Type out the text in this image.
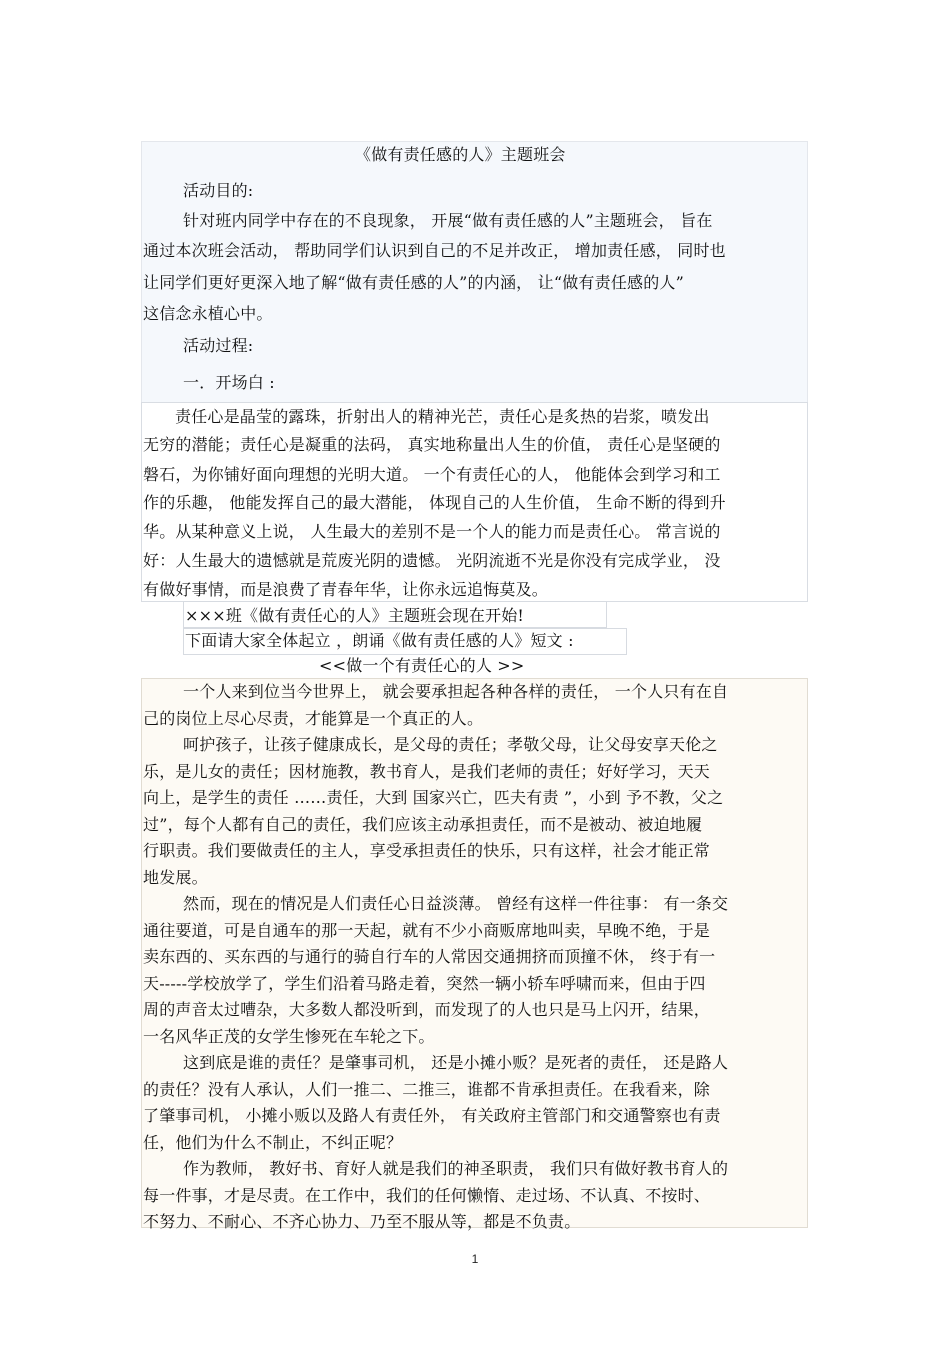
《做有责任感的人》主题班会
活动目的:
针对班内同学中存在的不良现象， 开展“做有责任感的人”主题班会， 旨在
通过本次班会活动， 帮助同学们认识到自己的不足并改正， 增加责任感， 同时也
让同学们更好更深入地了解“做有责任感的人”的内涵， 让“做有责任感的人”
这信念永植心中。
活动过程:
一．开场白 :
责任心是晶莹的露珠，折射出人的精神光芒，责任心是炙热的岩浆，喷发出
无穷的潜能；责任心是凝重的法码， 真实地称量出人生的价值， 责任心是坚硬的
磐石，为你铺好面向理想的光明大道。 一个有责任心的人， 他能体会到学习和工
作的乐趣， 他能发挥自己的最大潜能， 体现自己的人生价值， 生命不断的得到升
华。从某种意义上说， 人生最大的差别不是一个人的能力而是责任心。 常言说的
好：人生最大的遗憾就是荒废光阴的遗憾。 光阴流逝不光是你没有完成学业， 没
有做好事情，而是浪费了青春年华，让你永远追悔莫及。
×××班《做有责任心的人》主题班会现在开始!
下面请大家全体起立 ，朗诵《做有责任感的人》短文 :
<<做一个有责任心的人 >>
一个人来到位当今世界上， 就会要承担起各种各样的责任， 一个人只有在自
己的岗位上尽心尽责，才能算是一个真正的人。
呵护孩子，让孩子健康成长，是父母的责任；孝敬父母，让父母安享天伦之
乐，是儿女的责任；因材施教，教书育人，是我们老师的责任；好好学习，天天
向上，是学生的责任 ……责任，大到 国家兴亡，匹夫有责 ”，小到 予不教，父之
过”，每个人都有自己的责任，我们应该主动承担责任，而不是被动、被迫地履
行职责。我们要做责任的主人，享受承担责任的快乐，只有这样，社会才能正常
地发展。
然而，现在的情况是人们责任心日益淡薄。 曾经有这样一件往事： 有一条交
通往要道，可是自通车的那一天起，就有不少小商贩席地叫卖，早晚不绝，于是
卖东西的、买东西的与通行的骑自行车的人常因交通拥挤而顶撞不休， 终于有一
天-----学校放学了，学生们沿着马路走着，突然一辆小轿车呼啸而来，但由于四
周的声音太过嘈杂，大多数人都没听到，而发现了的人也只是马上闪开，结果，
一名风华正茂的女学生惨死在车轮之下。
这到底是谁的责任？是肇事司机， 还是小摊小贩？是死者的责任， 还是路人
的责任？没有人承认，人们一推二、二推三，谁都不肯承担责任。在我看来，除
了肇事司机， 小摊小贩以及路人有责任外， 有关政府主管部门和交通警察也有责
任，他们为什么不制止，不纠正呢？
作为教师， 教好书、育好人就是我们的神圣职责， 我们只有做好教书育人的
每一件事，才是尽责。在工作中，我们的任何懒惰、走过场、不认真、不按时、
不努力、不耐心、不齐心协力、乃至不服从等，都是不负责。
1
